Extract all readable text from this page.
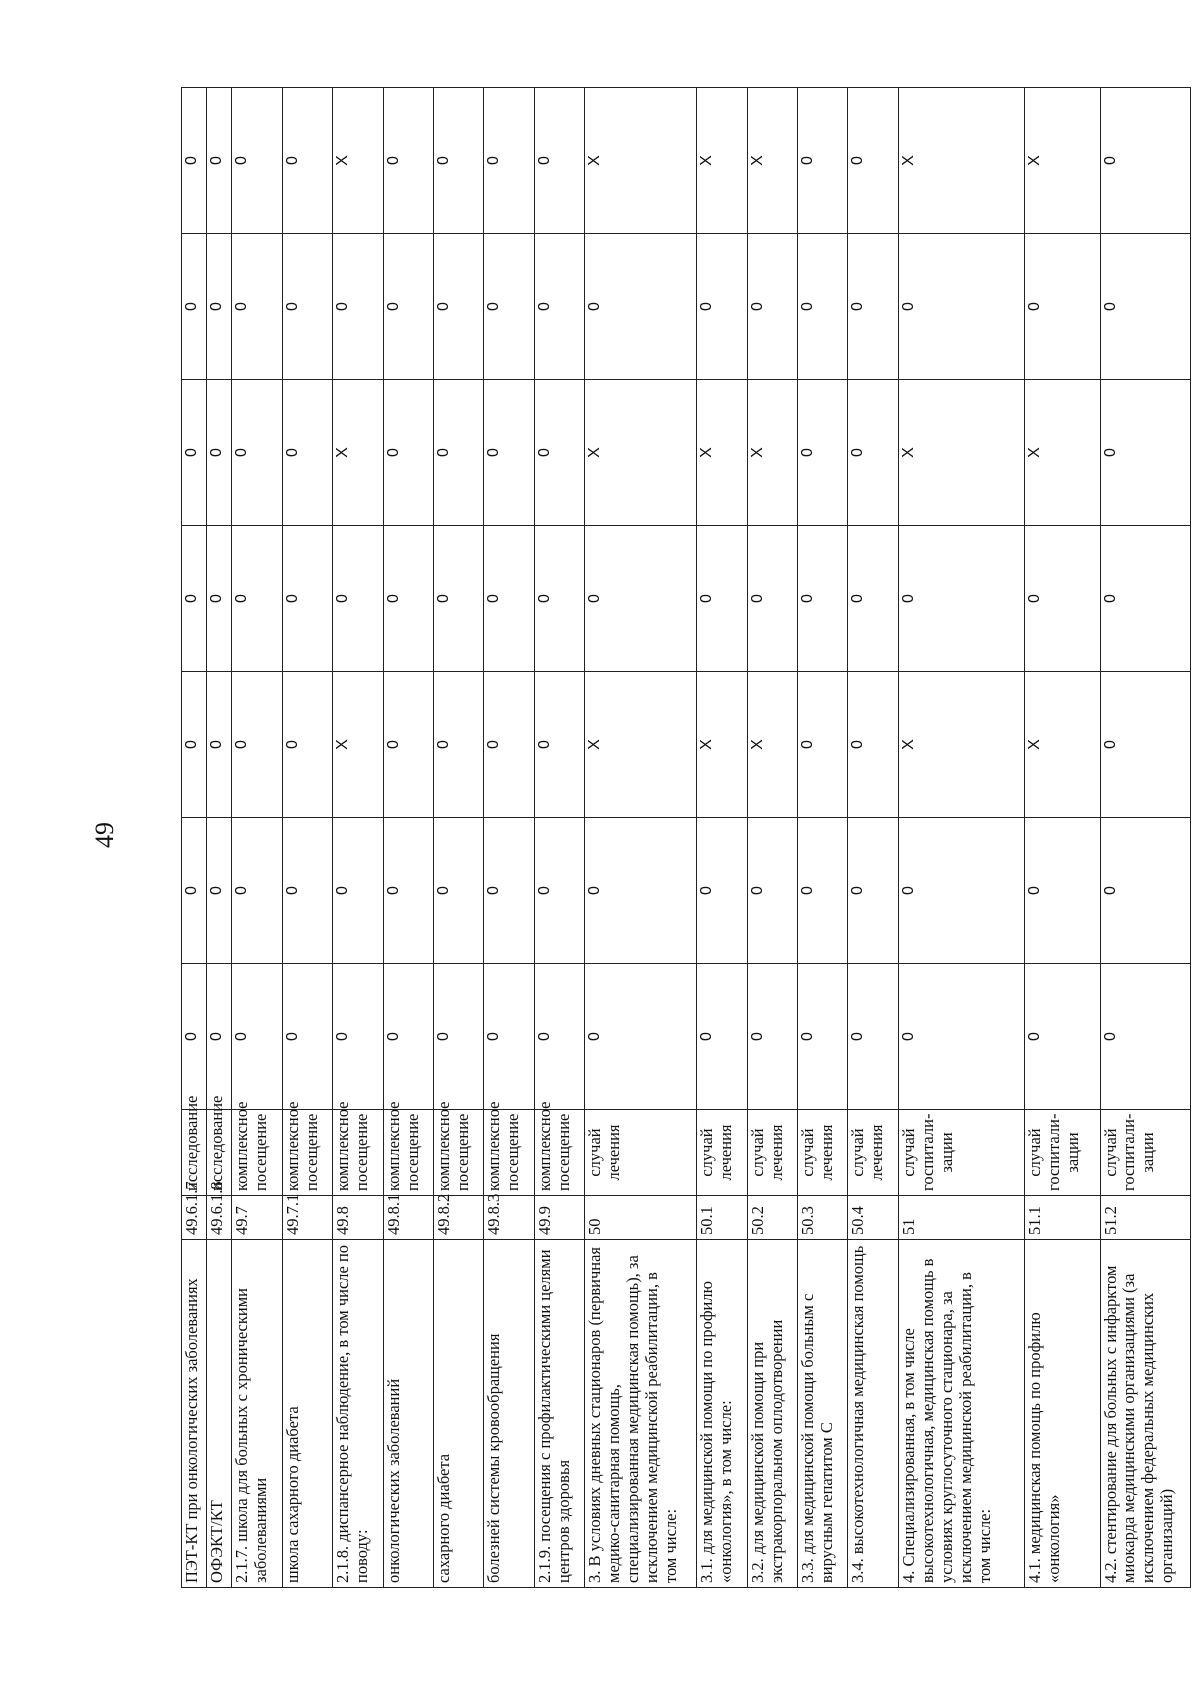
49
ПЭТ-КТ при онкологических заболеваниях	49.6.1.7	исследование	0	0	0	0	0	0	0
ОФЭКТ/КТ	49.6.1.8	исследование	0	0	0	0	0	0	0
2.1.7. школа для больных с хроническими заболеваниями	49.7	комплексное посещение	0	0	0	0	0	0	0
школа сахарного диабета	49.7.1	комплексное посещение	0	0	0	0	0	0	0
2.1.8. диспансерное наблюдение, в том числе по поводу:	49.8	комплексное посещение	0	0	X	0	X	0	X
онкологических заболеваний	49.8.1	комплексное посещение	0	0	0	0	0	0	0
сахарного диабета	49.8.2	комплексное посещение	0	0	0	0	0	0	0
болезней системы кровообращения	49.8.3	комплексное посещение	0	0	0	0	0	0	0
2.1.9. посещения с профилактическими целями центров здоровья	49.9	комплексное посещение	0	0	0	0	0	0	0
3. В условиях дневных стационаров (первичная медико-санитарная помощь, специализированная медицинская помощь), за исключением медицинской реабилитации, в том числе:	50	случай лечения	0	0	X	0	X	0	X
3.1. для медицинской помощи по профилю «онкология», в том числе:	50.1	случай лечения	0	0	X	0	X	0	X
3.2. для медицинской помощи при экстракорпоральном оплодотворении	50.2	случай лечения	0	0	X	0	X	0	X
3.3. для медицинской помощи больным с вирусным гепатитом С	50.3	случай лечения	0	0	0	0	0	0	0
3.4. высокотехнологичная медицинская помощь	50.4	случай лечения	0	0	0	0	0	0	0
4. Специализированная, в том числе высокотехнологичная, медицинская помощь в условиях круглосуточного стационара, за исключением медицинской реабилитации, в том числе:	51	случай госпитали-зации	0	0	X	0	X	0	X
4.1. медицинская помощь по профилю «онкология»	51.1	случай госпитали-зации	0	0	X	0	X	0	X
4.2. стентирование для больных с инфарктом миокарда медицинскими организациями (за исключением федеральных медицинских организаций)	51.2	случай госпитали-зации	0	0	0	0	0	0	0
